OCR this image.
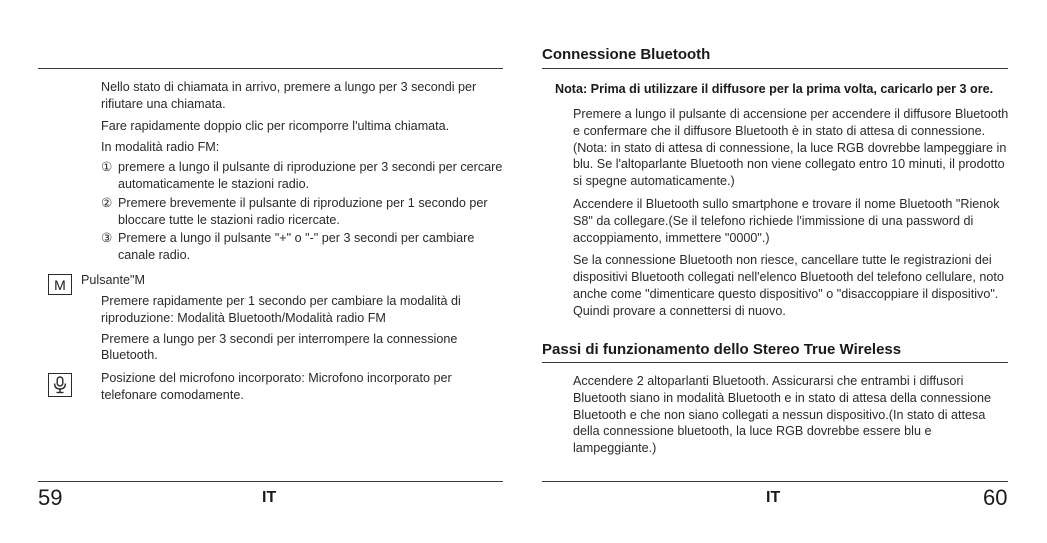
Nello stato di chiamata in arrivo, premere a lungo per 3 secondi per rifiutare una chiamata.

Fare rapidamente doppio clic per ricomporre l'ultima chiamata.

In modalità radio FM:

① premere a lungo il pulsante di riproduzione per 3 secondi per cercare automaticamente le stazioni radio.
② Premere brevemente il pulsante di riproduzione per 1 secondo per bloccare tutte le stazioni radio ricercate.
③ Premere a lungo il pulsante "+" o "-" per 3 secondi per cambiare canale radio.
M Pulsante"M

Premere rapidamente per 1 secondo per cambiare la modalità di riproduzione: Modalità Bluetooth/Modalità radio FM

Premere a lungo per 3 secondi per interrompere la connessione Bluetooth.

Posizione del microfono incorporato: Microfono incorporato per telefonare comodamente.
59	IT
Connessione Bluetooth
Nota: Prima di utilizzare il diffusore per la prima volta, caricarlo per 3 ore.

Premere a lungo il pulsante di accensione per accendere il diffusore Bluetooth e confermare che il diffusore Bluetooth è in stato di attesa di connessione. (Nota: in stato di attesa di connessione, la luce RGB dovrebbe lampeggiare in blu. Se l'altoparlante Bluetooth non viene collegato entro 10 minuti, il prodotto si spegne automaticamente.)

Accendere il Bluetooth sullo smartphone e trovare il nome Bluetooth "Rienok S8" da collegare.(Se il telefono richiede l'immissione di una password di accoppiamento, immettere "0000".)

Se la connessione Bluetooth non riesce, cancellare tutte le registrazioni dei dispositivi Bluetooth collegati nell'elenco Bluetooth del telefono cellulare, noto anche come "dimenticare questo dispositivo" o "disaccoppiare il dispositivo". Quindi provare a connettersi di nuovo.

Passi di funzionamento dello Stereo True Wireless
Accendere 2 altoparlanti Bluetooth. Assicurarsi che entrambi i diffusori Bluetooth siano in modalità Bluetooth e in stato di attesa della connessione Bluetooth e che non siano collegati a nessun dispositivo.(In stato di attesa della connessione bluetooth, la luce RGB dovrebbe essere blu e lampeggiante.)
IT	60
